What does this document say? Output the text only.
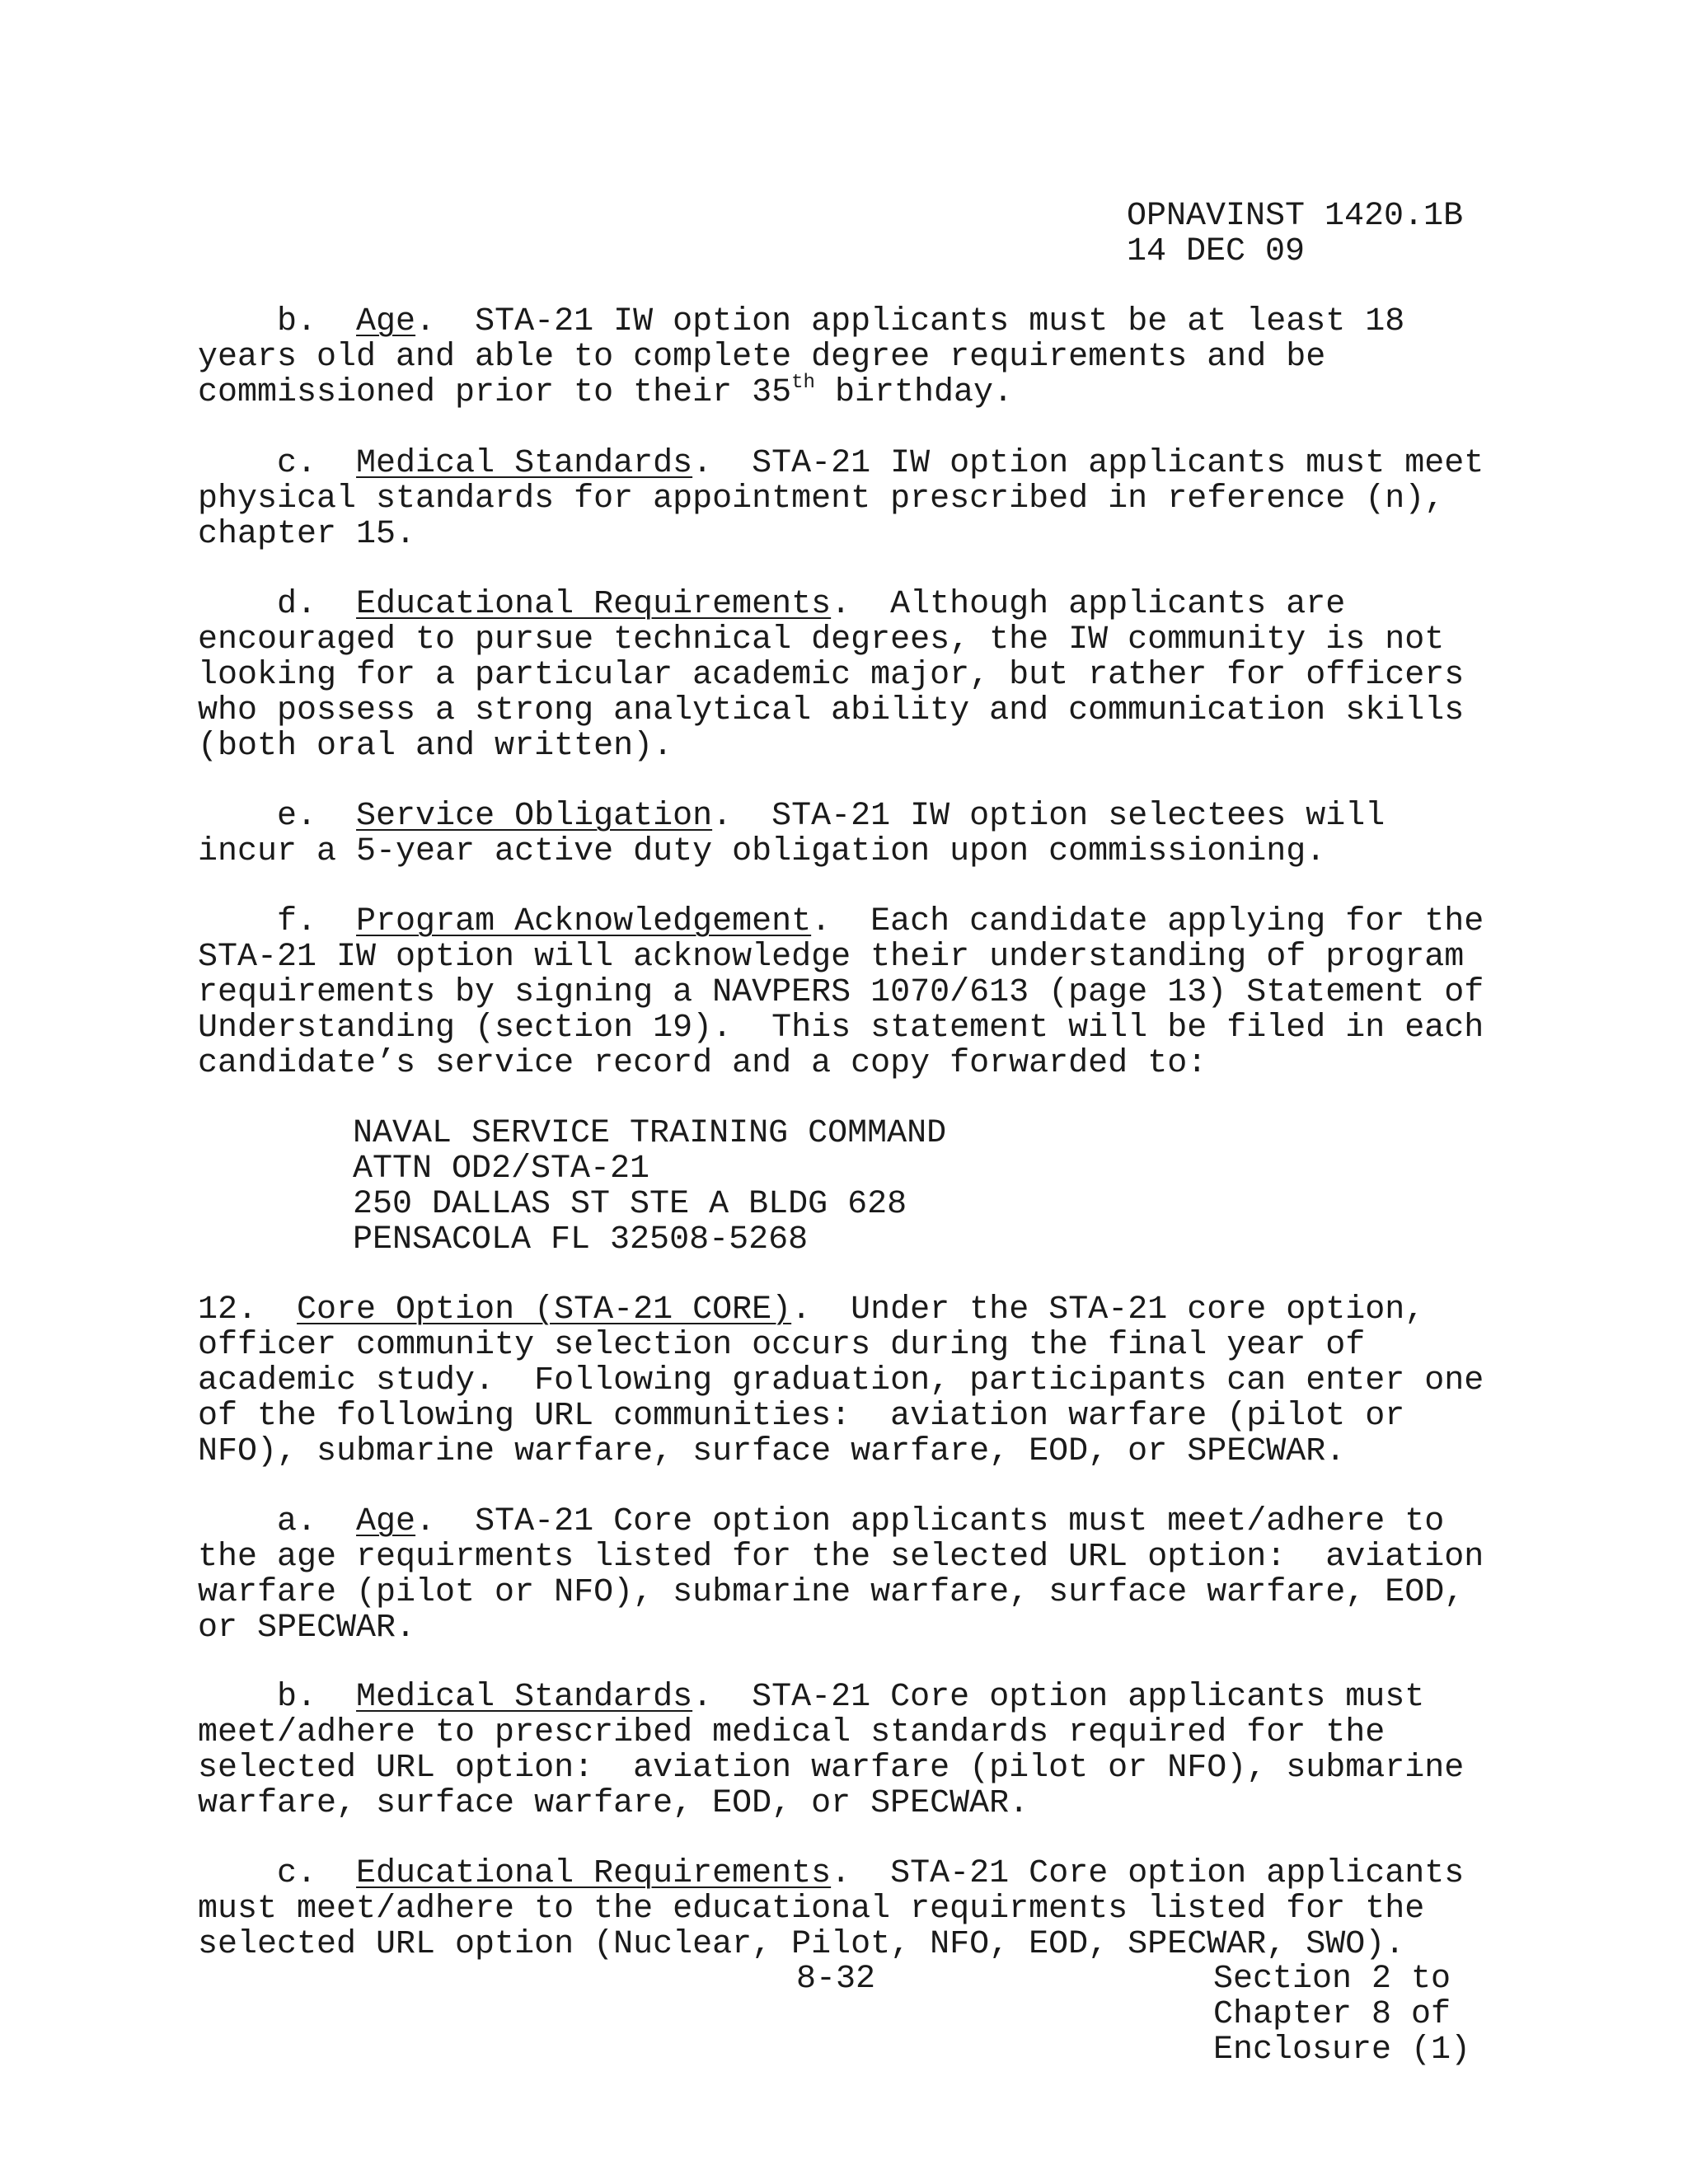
OPNAVINST 1420.1B
14 DEC 09
b. Age.  STA-21 IW option applicants must be at least 18
years old and able to complete degree requirements and be
commissioned prior to their 35th birthday.
c. Medical Standards.  STA-21 IW option applicants must meet
physical standards for appointment prescribed in reference (n),
chapter 15.
d. Educational Requirements.  Although applicants are
encouraged to pursue technical degrees, the IW community is not
looking for a particular academic major, but rather for officers
who possess a strong analytical ability and communication skills
(both oral and written).
e. Service Obligation.  STA-21 IW option selectees will
incur a 5-year active duty obligation upon commissioning.
f. Program Acknowledgement.  Each candidate applying for the
STA-21 IW option will acknowledge their understanding of program
requirements by signing a NAVPERS 1070/613 (page 13) Statement of
Understanding (section 19).  This statement will be filed in each
candidate’s service record and a copy forwarded to:
NAVAL SERVICE TRAINING COMMAND
ATTN OD2/STA-21
250 DALLAS ST STE A BLDG 628
PENSACOLA FL 32508-5268
12. Core Option (STA-21 CORE).  Under the STA-21 core option,
officer community selection occurs during the final year of
academic study.  Following graduation, participants can enter one
of the following URL communities:  aviation warfare (pilot or
NFO), submarine warfare, surface warfare, EOD, or SPECWAR.
a. Age.  STA-21 Core option applicants must meet/adhere to
the age requirments listed for the selected URL option:  aviation
warfare (pilot or NFO), submarine warfare, surface warfare, EOD,
or SPECWAR.
b. Medical Standards.  STA-21 Core option applicants must
meet/adhere to prescribed medical standards required for the
selected URL option:  aviation warfare (pilot or NFO), submarine
warfare, surface warfare, EOD, or SPECWAR.
c. Educational Requirements.  STA-21 Core option applicants
must meet/adhere to the educational requirments listed for the
selected URL option (Nuclear, Pilot, NFO, EOD, SPECWAR, SWO).
8-32	Section 2 to
Chapter 8 of
Enclosure (1)
